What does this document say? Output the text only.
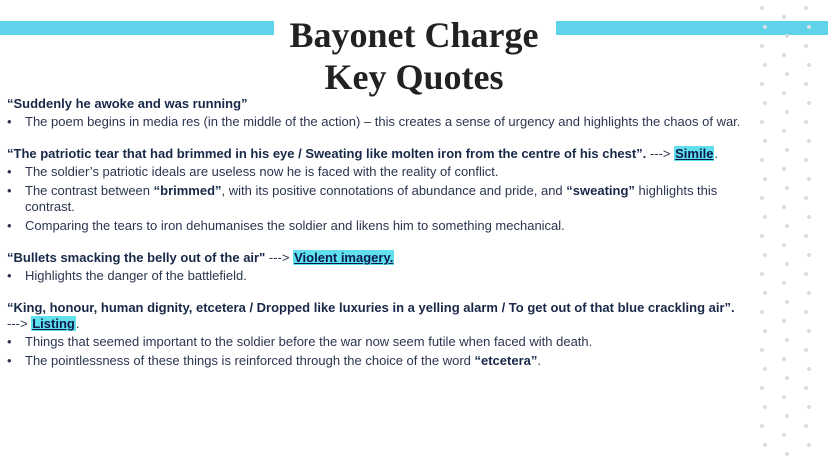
Bayonet Charge
Key Quotes
“Suddenly he awoke and was running”
• The poem begins in media res (in the middle of the action) – this creates a sense of urgency and highlights the chaos of war.
“The patriotic tear that had brimmed in his eye / Sweating like molten iron from the centre of his chest”. ---> Simile.
• The soldier’s patriotic ideals are useless now he is faced with the reality of conflict.
• The contrast between “brimmed”, with its positive connotations of abundance and pride, and “sweating” highlights this contrast.
• Comparing the tears to iron dehumanises the soldier and likens him to something mechanical.
“Bullets smacking the belly out of the air" ---> Violent imagery.
• Highlights the danger of the battlefield.
“King, honour, human dignity, etcetera / Dropped like luxuries in a yelling alarm / To get out of that blue crackling air”. ---> Listing.
• Things that seemed important to the soldier before the war now seem futile when faced with death.
• The pointlessness of these things is reinforced through the choice of the word “etcetera”.
